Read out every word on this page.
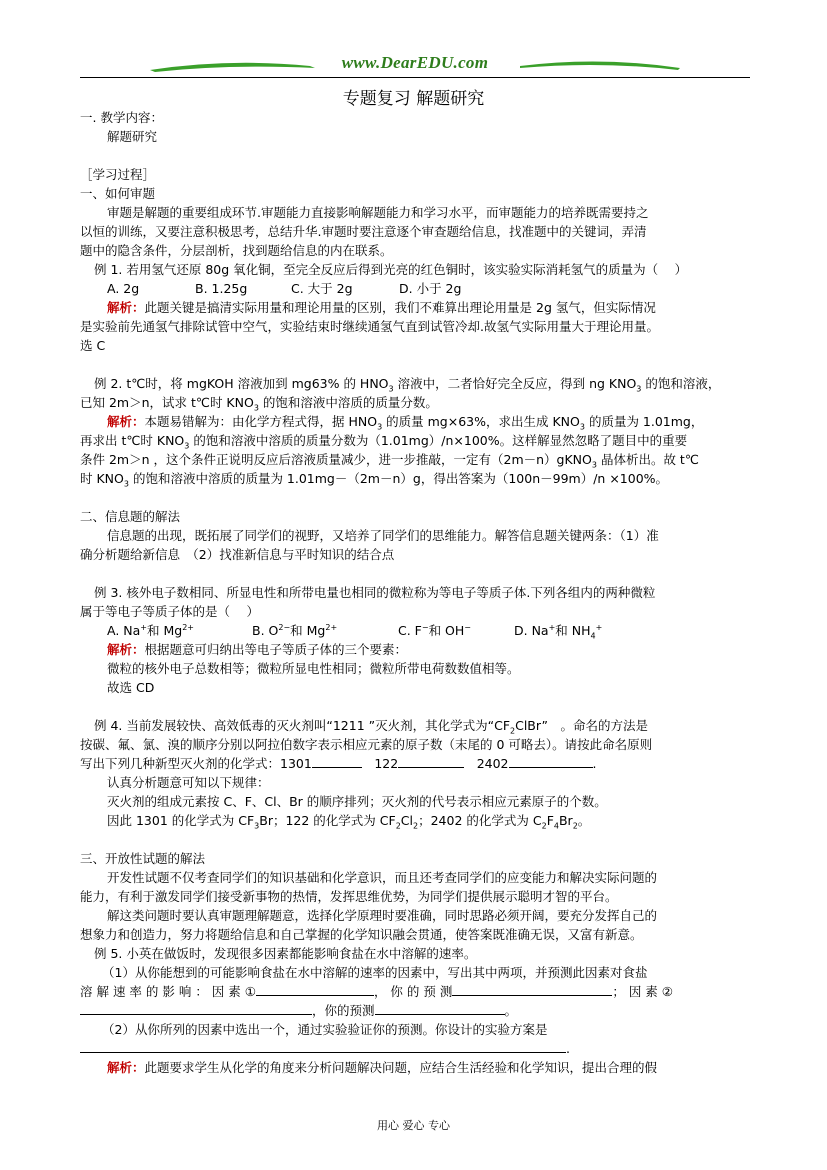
www.DearEDU.com
专题复习 解题研究

一. 教学内容：

解题研究

［学习过程］

一、如何审题

审题是解题的重要组成环节.审题能力直接影响解题能力和学习水平，而审题能力的培养既需要持之

以恒的训练，又要注意积极思考，总结升华.审题时要注意逐个审查题给信息，找准题中的关键词，弄清

题中的隐含条件，分层剖析，找到题给信息的内在联系。

例 1. 若用氢气还原 80g 氧化铜，至完全反应后得到光亮的红色铜时，该实验实际消耗氢气的质量为（　 ）

A. 2g	B. 1.25g	C. 大于 2g	D. 小于 2g

解析：此题关键是搞清实际用量和理论用量的区别，我们不难算出理论用量是 2g 氢气，但实际情况

是实验前先通氢气排除试管中空气，实验结束时继续通氢气直到试管冷却.故氢气实际用量大于理论用量。

选 C

例 2. t℃时，将 mgKOH 溶液加到 mg63% 的 $HNO_3$ 溶液中，二者恰好完全反应，得到 ng $KNO_3$ 的饱和溶液，

已知 2m＞n，试求 t℃时 $KNO_3$ 的饱和溶液中溶质的质量分数。

解析：本题易错解为：由化学方程式得，据 $HNO_3$ 的质量 mg×63%，求出生成 $KNO_3$ 的质量为 1.01mg，

再求出 t℃时 $KNO_3$ 的饱和溶液中溶质的质量分数为（1.01mg）/n×100%。这样解显然忽略了题目中的重要

条件 2m＞n ，这个条件正说明反应后溶液质量减少，进一步推敲，一定有（2m－n）gKNO$_3$ 晶体析出。故 t℃

时 $KNO_3$ 的饱和溶液中溶质的质量为 1.01mg－（2m－n）g，得出答案为（100n－99m）/n ×100%。

二、信息题的解法

信息题的出现，既拓展了同学们的视野，又培养了同学们的思维能力。解答信息题关键两条：（1）准

确分析题给新信息　（2）找准新信息与平时知识的结合点

例 3. 核外电子数相同、所显电性和所带电量也相同的微粒称为等电子等质子体.下列各组内的两种微粒

属于等电子等质子体的是（　 ）

A. Na+和 $Mg^{2+}$	B. $O^{2-}$和 $Mg^{2+}$	C. F−和 OH−	D. Na+和 $NH_4^+$

解析：根据题意可归纳出等电子等质子体的三个要素：

微粒的核外电子总数相等；微粒所显电性相同；微粒所带电荷数数值相等。

故选 CD

例 4. 当前发展较快、高效低毒的灭火剂叫“1211 ”灭火剂，其化学式为“$CF_2ClBr$”　。命名的方法是

按碳、氟、氯、溴的顺序分别以阿拉伯数字表示相应元素的原子数（末尾的 0 可略去）。请按此命名原则

写出下列几种新型灭火剂的化学式：1301　	122　	2402	.

认真分析题意可知以下规律：

灭火剂的组成元素按 C、F、Cl、Br 的顺序排列；灭火剂的代号表示相应元素原子的个数。

因此 1301 的化学式为 $CF_3Br$；122 的化学式为 $CF_2Cl_2$；2402 的化学式为 $C_2F_4Br_2$。

三、开放性试题的解法

开发性试题不仅考查同学们的知识基础和化学意识，而且还考查同学们的应变能力和解决实际问题的

能力，有利于激发同学们接受新事物的热情，发挥思维优势，为同学们提供展示聪明才智的平台。

解这类问题时要认真审题理解题意，选择化学原理时要准确，同时思路必须开阔，要充分发挥自己的

想象力和创造力，努力将题给信息和自己掌握的化学知识融会贯通，使答案既准确无误，又富有新意。

例 5. 小英在做饭时，发现很多因素都能影响食盐在水中溶解的速率。

（1）从你能想到的可能影响食盐在水中溶解的速率的因素中，写出其中两项，并预测此因素对食盐

溶 解 速 率 的 影 响 ： 因 素 ①	， 你 的 预 测	； 因 素 ②

，你的预测	。

（2）从你所列的因素中选出一个，通过实验验证你的预测。你设计的实验方案是

.

解析：此题要求学生从化学的角度来分析问题解决问题，应结合生活经验和化学知识，提出合理的假

用心 爱心 专心
